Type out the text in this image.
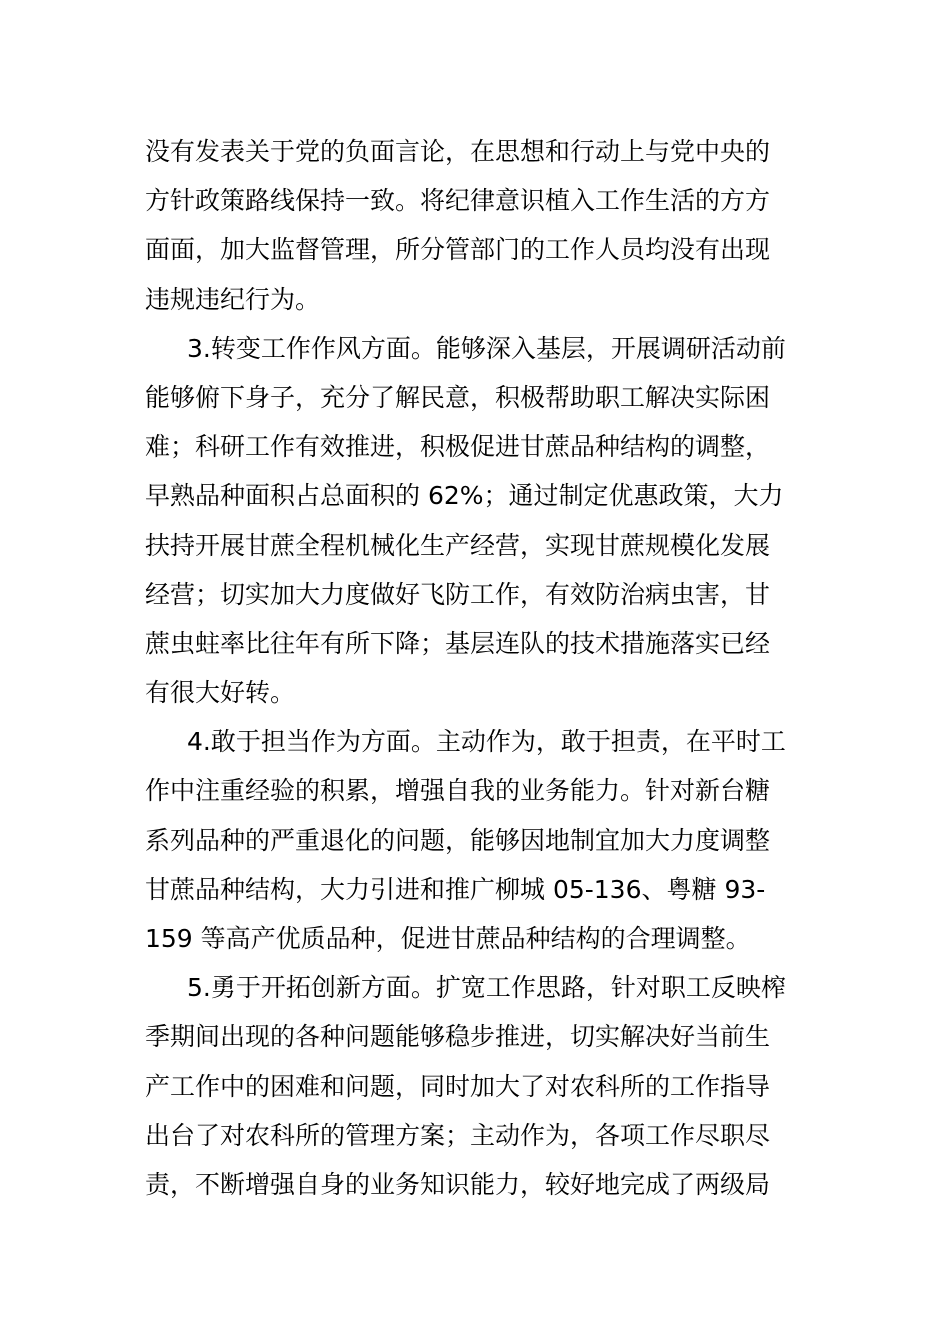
没有发表关于党的负面言论，在思想和行动上与党中央的
方针政策路线保持一致。将纪律意识植入工作生活的方方
面面，加大监督管理，所分管部门的工作人员均没有出现
违规违纪行为。
3.转变工作作风方面。能够深入基层，开展调研活动前
能够俯下身子，充分了解民意，积极帮助职工解决实际困
难；科研工作有效推进，积极促进甘蔗品种结构的调整，
早熟品种面积占总面积的 62%；通过制定优惠政策，大力
扶持开展甘蔗全程机械化生产经营，实现甘蔗规模化发展
经营；切实加大力度做好飞防工作，有效防治病虫害，甘
蔗虫蛀率比往年有所下降；基层连队的技术措施落实已经
有很大好转。
4.敢于担当作为方面。主动作为，敢于担责，在平时工
作中注重经验的积累，增强自我的业务能力。针对新台糖
系列品种的严重退化的问题，能够因地制宜加大力度调整
甘蔗品种结构，大力引进和推广柳城 05-136、粤糖 93-
159 等高产优质品种，促进甘蔗品种结构的合理调整。
5.勇于开拓创新方面。扩宽工作思路，针对职工反映榨
季期间出现的各种问题能够稳步推进，切实解决好当前生
产工作中的困难和问题，同时加大了对农科所的工作指导
出台了对农科所的管理方案；主动作为，各项工作尽职尽
责，不断增强自身的业务知识能力，较好地完成了两级局
